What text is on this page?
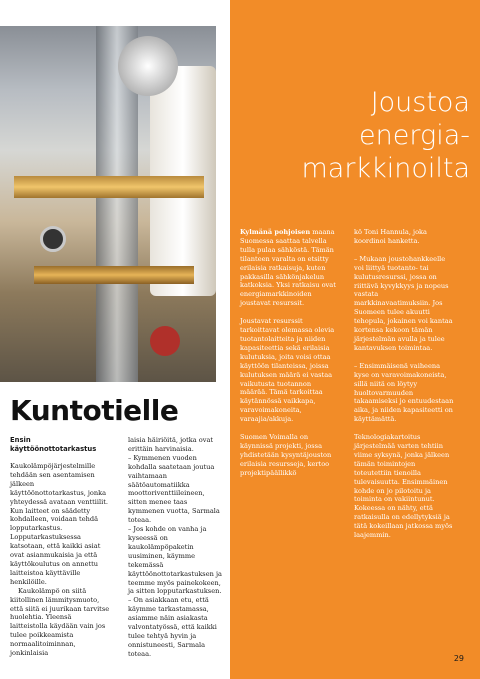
Joustoa
energia-
markkinoilta
Kuntotielle
Ensin käyttöönottotarkastus

Kaukolämpöjärjestelmille tehdään sen asentamisen jälkeen käyttöönottotarkastus, jonka yhteydessä avataan venttiilit. Kun laitteet on säädetty kohdalleen, voidaan tehdä lopputarkastus. Lopputarkastuksessa katsotaan, että kaikki asiat ovat asianmukaisia ja että käyttökoulutus on annettu laitteistoa käyttäville henkilöille.

Kaukolämpö on siitä kiitollinen lämmitysmuoto, että siitä ei juurikaan tarvitse huolehtia. Yleensä laitteistolla käydään vain jos tulee poikkeamista normaalitoiminnan, jonkinlaisia

laisia häiriöitä, jotka ovat erittäin harvinaisia.

– Kymmenen vuoden kohdalla saatetaan joutua vaihtamaan säätöautomatiikka moottoriventtiileineen, sitten menee taas kymmenen vuotta, Sarmala toteaa.

– Jos kohde on vanha ja kyseessä on kaukolämpöpaketin uusiminen, käymme tekemässä käyttöönottotarkastuksen ja teemme myös painekokeen, ja sitten lopputarkastuksen.

– On asiakkaan etu, että käymme tarkastamassa, asiamme näin asiakasta valvontatyössä, että kaikki tulee tehtyä hyvin ja onnistuneesti, Sarmala toteaa.

Kylmänä pohjoisen maana Suomessa saattaa talvella tulla pulaa sähköstä. Tämän tilanteen varalta on etsitty erilaisia ratkaisuja, kuten pakkasilla sähkönjakelun katkoksia. Yksi ratkaisu ovat energiamarkkinoiden joustavat resurssit.

Joustavat resurssit tarkoittavat olemassa olevia tuotantolaitteita ja niiden kapasiteettia sekä erilaisia kulutuksia, joita voisi ottaa käyttöön tilanteissa, joissa kulutuksen määrä ei vastaa vaikutusta tuotannon määrää. Tämä tarkoittaa käytännössä vaikkapa, varavoimakoneita, varaajia/akkuja.

Suomen Voimalla on käynnissä projekti, jossa yhdistetään kysyntäjouston erilaisia resursseja, kertoo projektipäällikkö

kö Toni Hannula, joka koordinoi hanketta.

– Mukaan joustohankkeelle voi liittyä tuotanto- tai kulutusresurssi, jossa on riittävä kyvykkyys ja nopeus vastata markkinavaatimuksiin. Jos Suomeen tulee akuutti tehopula, jokainen voi kantaa kortensa kekoon tämän järjestelmän avulla ja tulee kantavuksen toimintaa.

– Ensimmäisenä vaiheena kyse on varavoimakoneista, sillä niitä on löytyy huoltovarmuuden takaamiseksi jo entuudestaan aika, ja niiden kapasiteetti on käyttämättä.

Teknologiakartoitus järjestelmää varten tehtiin viime syksynä, jonka jälkeen tämän toimintojen toteutettiin tienoilla tulevaisuutta. Ensimmäinen kohde on jo pilotoitu ja toiminta on vakiintunut. Kokeessa on nähty, että ratkaisulla on edellytyksiä ja tätä kokeillaan jatkossa myös laajemmin.

29
